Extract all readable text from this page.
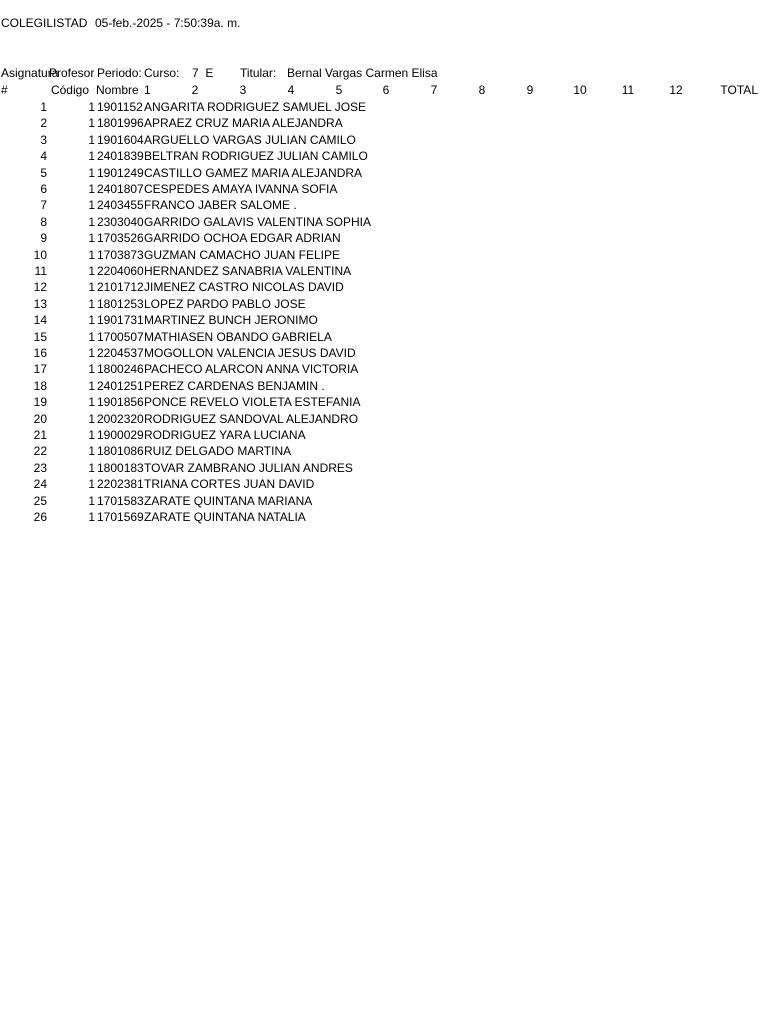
COLEGILISTAD 05-feb.-2025 - 7:50:39a. m.
Asignatura
Profesor Periodo: Curso:	7  E	Titular: Bernal Vargas Carmen Elisa
#	Código Nombre 1	2	3	4	5	6	7	8	9	10	11	12	TOTAL
1	1 1901152 ANGARITA RODRIGUEZ SAMUEL JOSE
2	1 1801996 APRAEZ CRUZ MARIA ALEJANDRA
3	1 1901604 ARGUELLO VARGAS JULIAN CAMILO
4	1 2401839 BELTRAN RODRIGUEZ JULIAN CAMILO
5	1 1901249 CASTILLO GAMEZ MARIA ALEJANDRA
6	1 2401807 CESPEDES AMAYA IVANNA SOFIA
7	1 2403455 FRANCO JABER SALOME .
8	1 2303040 GARRIDO GALAVIS VALENTINA SOPHIA
9	1 1703526 GARRIDO OCHOA EDGAR ADRIAN
10	1 1703873 GUZMAN CAMACHO JUAN FELIPE
11	1 2204060 HERNANDEZ SANABRIA VALENTINA
12	1 2101712 JIMENEZ CASTRO NICOLAS DAVID
13	1 1801253 LOPEZ PARDO PABLO JOSE
14	1 1901731 MARTINEZ BUNCH JERONIMO
15	1 1700507 MATHIASEN OBANDO GABRIELA
16	1 2204537 MOGOLLON VALENCIA JESUS DAVID
17	1 1800246 PACHECO ALARCON ANNA VICTORIA
18	1 2401251 PEREZ CARDENAS BENJAMIN .
19	1 1901856 PONCE REVELO VIOLETA ESTEFANIA
20	1 2002320 RODRIGUEZ SANDOVAL ALEJANDRO
21	1 1900029 RODRIGUEZ YARA LUCIANA
22	1 1801086 RUIZ DELGADO MARTINA
23	1 1800183 TOVAR ZAMBRANO JULIAN ANDRES
24	1 2202381 TRIANA CORTES JUAN DAVID
25	1 1701583 ZARATE QUINTANA MARIANA
26	1 1701569 ZARATE QUINTANA NATALIA
